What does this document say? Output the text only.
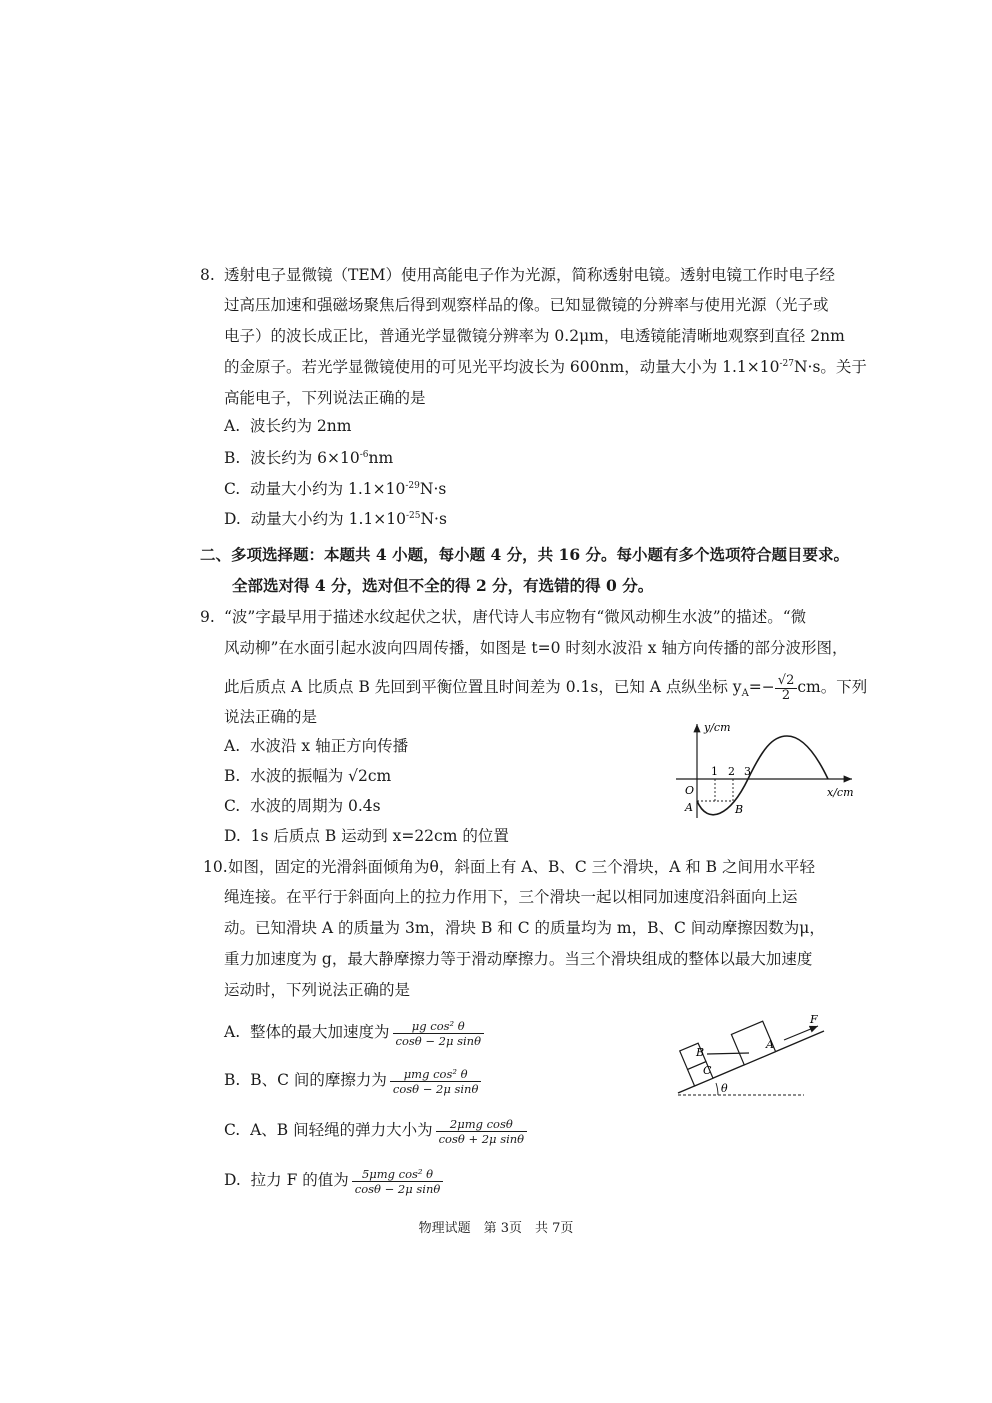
8. 透射电子显微镜（TEM）使用高能电子作为光源，简称透射电镜。透射电镜工作时电子经
过高压加速和强磁场聚焦后得到观察样品的像。已知显微镜的分辨率与使用光源（光子或
电子）的波长成正比，普通光学显微镜分辨率为 0.2μm，电透镜能清晰地观察到直径 2nm
的金原子。若光学显微镜使用的可见光平均波长为 600nm，动量大小为 $1.1\times 10^{-27}N\cdot s$。关于
高能电子，下列说法正确的是
A. 波长约为 2nm
B. 波长约为 $6\times 10^{-6}nm$
C. 动量大小约为 $1.1\times 10^{-29}N\cdot s$
D. 动量大小约为 $1.1\times 10^{-25}N\cdot s$
二、多项选择题：本题共 4 小题，每小题 4 分，共 16 分。每小题有多个选项符合题目要求。
全部选对得 4 分，选对但不全的得 2 分，有选错的得 0 分。
9. “波”字最早用于描述水纹起伏之状，唐代诗人韦应物有“微风动柳生水波”的描述。“微
风动柳”在水面引起水波向四周传播，如图是 t=0 时刻水波沿 x 轴方向传播的部分波形图，
此后质点 A 比质点 B 先回到平衡位置且时间差为 0.1s，已知 A 点纵坐标 $y_A=- \frac{√2}{2}$ cm。下列
说法正确的是
A. 水波沿 x 轴正方向传播
B. 水波的振幅为 √2cm
C. 水波的周期为 0.4s
D. 1s 后质点 B 运动到 x=22cm 的位置
y/cm
x/cm
O
1 2 3
A	B
10. 如图，固定的光滑斜面倾角为θ，斜面上有 A、B、C 三个滑块，A 和 B 之间用水平轻
绳连接。在平行于斜面向上的拉力作用下，三个滑块一起以相同加速度沿斜面向上运
动。已知滑块 A 的质量为 3m，滑块 B 和 C 的质量均为 m，B、C 间动摩擦因数为μ，
重力加速度为 g，最大静摩擦力等于滑动摩擦力。当三个滑块组成的整体以最大加速度
运动时，下列说法正确的是
A. 整体的最大加速度为 $\frac{\text{μg cos² θ}}{\text{cosθ − 2μ sinθ}}$
B. B、C 间的摩擦力为 $\frac{\text{μmg cos² θ}}{\text{cosθ − 2μ sinθ}}$
C. A、B 间轻绳的弹力大小为 $\frac{\text{2μmg cosθ}}{\text{cosθ + 2μ sinθ}}$
D. 拉力 F 的值为 $\frac{\text{5μmg cos² θ}}{\text{cosθ − 2μ sinθ}}$
F
A
B
C
θ
物理试题　第 3页　共 7页
